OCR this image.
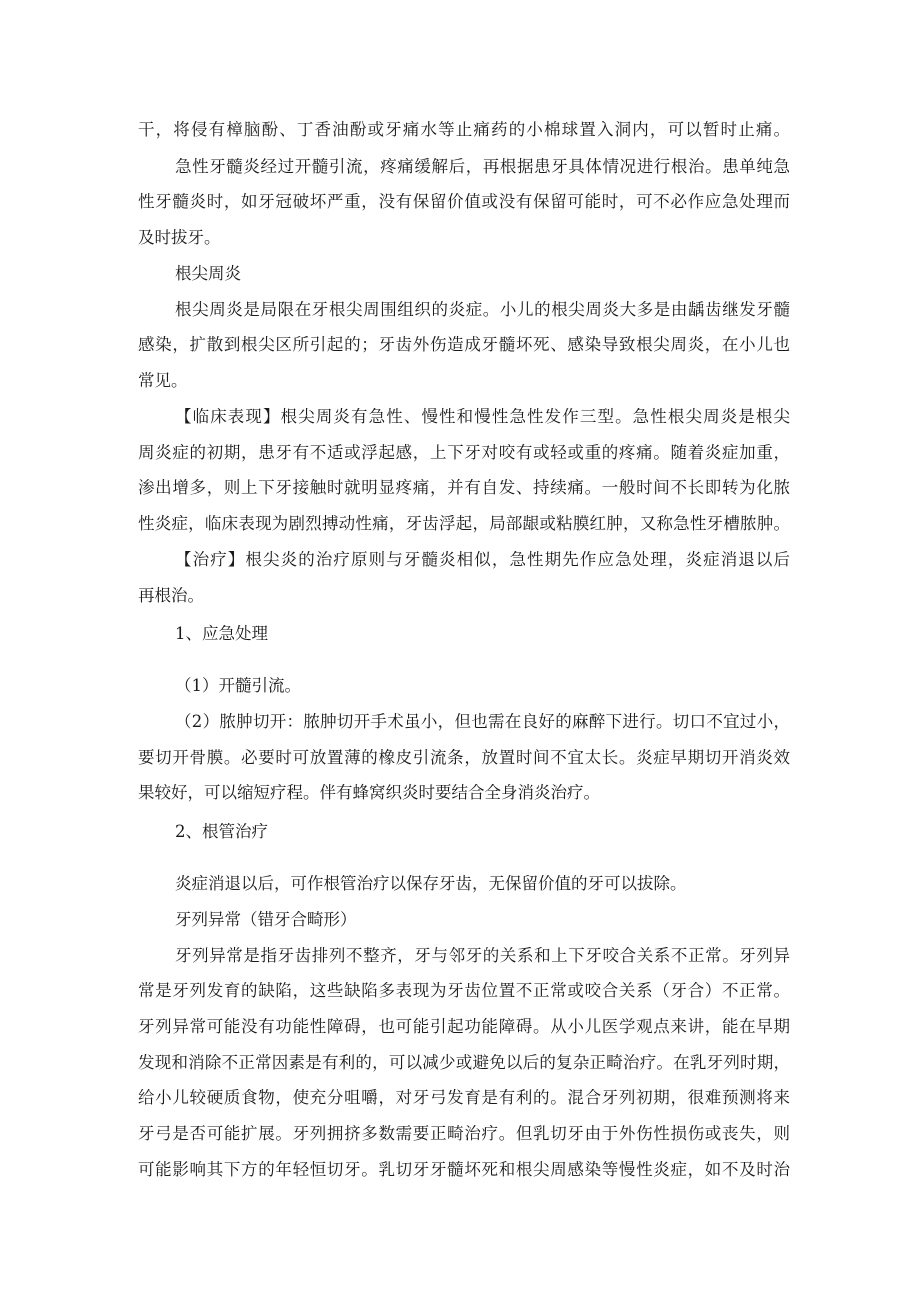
干，将侵有樟脑酚、丁香油酚或牙痛水等止痛药的小棉球置入洞内，可以暂时止痛。

急性牙髓炎经过开髓引流，疼痛缓解后，再根据患牙具体情况进行根治。患单纯急

性牙髓炎时，如牙冠破坏严重，没有保留价值或没有保留可能时，可不必作应急处理而

及时拔牙。

根尖周炎

根尖周炎是局限在牙根尖周围组织的炎症。小儿的根尖周炎大多是由龋齿继发牙髓

感染，扩散到根尖区所引起的；牙齿外伤造成牙髓坏死、感染导致根尖周炎，在小儿也

常见。

【临床表现】根尖周炎有急性、慢性和慢性急性发作三型。急性根尖周炎是根尖

周炎症的初期，患牙有不适或浮起感，上下牙对咬有或轻或重的疼痛。随着炎症加重，

渗出增多，则上下牙接触时就明显疼痛，并有自发、持续痛。一般时间不长即转为化脓

性炎症，临床表现为剧烈搏动性痛，牙齿浮起，局部龈或粘膜红肿，又称急性牙槽脓肿。

【治疗】根尖炎的治疗原则与牙髓炎相似，急性期先作应急处理，炎症消退以后

再根治。

1、应急处理

（1）开髓引流。

（2）脓肿切开：脓肿切开手术虽小，但也需在良好的麻醉下进行。切口不宜过小，

要切开骨膜。必要时可放置薄的橡皮引流条，放置时间不宜太长。炎症早期切开消炎效

果较好，可以缩短疗程。伴有蜂窝织炎时要结合全身消炎治疗。

2、根管治疗

炎症消退以后，可作根管治疗以保存牙齿，无保留价值的牙可以拔除。

牙列异常（错牙合畸形）

牙列异常是指牙齿排列不整齐，牙与邻牙的关系和上下牙咬合关系不正常。牙列异

常是牙列发育的缺陷，这些缺陷多表现为牙齿位置不正常或咬合关系（牙合）不正常。

牙列异常可能没有功能性障碍，也可能引起功能障碍。从小儿医学观点来讲，能在早期

发现和消除不正常因素是有利的，可以减少或避免以后的复杂正畸治疗。在乳牙列时期，

给小儿较硬质食物，使充分咀嚼，对牙弓发育是有利的。混合牙列初期，很难预测将来

牙弓是否可能扩展。牙列拥挤多数需要正畸治疗。但乳切牙由于外伤性损伤或丧失，则

可能影响其下方的年轻恒切牙。乳切牙牙髓坏死和根尖周感染等慢性炎症，如不及时治
